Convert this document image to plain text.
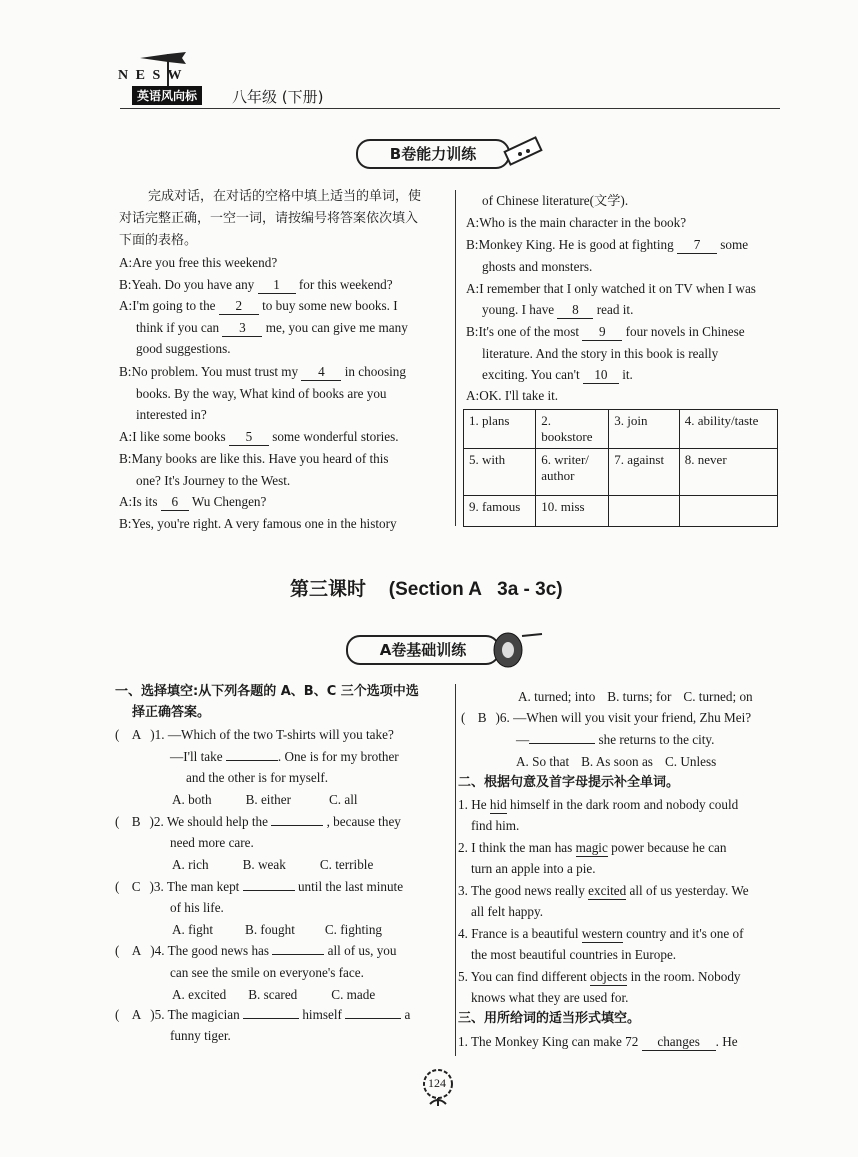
N E S W
英语风向标	八年级 (下册)
B卷能力训练
完成对话，在对话的空格中填上适当的单词，使
对话完整正确，一空一词，请按编号将答案依次填入
下面的表格。
A:Are you free this weekend?
B:Yeah. Do you have any 1 for this weekend?
A:I'm going to the 2 to buy some new books. I
think if you can 3 me, you can give me many
good suggestions.
B:No problem. You must trust my 4 in choosing
books. By the way, What kind of books are you
interested in?
A:I like some books 5 some wonderful stories.
B:Many books are like this. Have you heard of this
one? It's Journey to the West.
A:Is its 6 Wu Chengen?
B:Yes, you're right. A very famous one in the history
of Chinese literature(文学).
A:Who is the main character in the book?
B:Monkey King. He is good at fighting 7 some
ghosts and monsters.
A:I remember that I only watched it on TV when I was
young. I have 8 read it.
B:It's one of the most 9 four novels in Chinese
literature. And the story in this book is really
exciting. You can't 10 it.
A:OK. I'll take it.
1. plans	2. bookstore	3. join	4. ability/taste
5. with	6. writer/ author	7. against	8. never
9. famous	10. miss		
第三课时 (Section A   3a - 3c)
A卷基础训练
一、选择填空:从下列各题的 A、B、C 三个选项中选
择正确答案。
( A )1. —Which of the two T-shirts will you take?
—I'll take	. One is for my brother
and the other is for myself.
A. both	B. either	C. all
( B )2. We should help the	, because they
need more care.
A. rich	B. weak	C. terrible
( C )3. The man kept	until the last minute
of his life.
A. fight B. fought C. fighting
( A )4. The good news has	all of us, you
can see the smile on everyone's face.
A. excited B. scared	C. made
( A )5. The magician	himself	a
funny tiger.
A. turned; into B. turns; for C. turned; on
( B )6. —When will you visit your friend, Zhu Mei?
—	she returns to the city.
A. So that B. As soon as C. Unless
二、根据句意及首字母提示补全单词。
1. He hid himself in the dark room and nobody could
find him.
2. I think the man has magic power because he can
turn an apple into a pie.
3. The good news really excited all of us yesterday. We
all felt happy.
4. France is a beautiful western country and it's one of
the most beautiful countries in Europe.
5. You can find different objects in the room. Nobody
knows what they are used for.
三、用所给词的适当形式填空。
1. The Monkey King can make 72 changes . He
124
